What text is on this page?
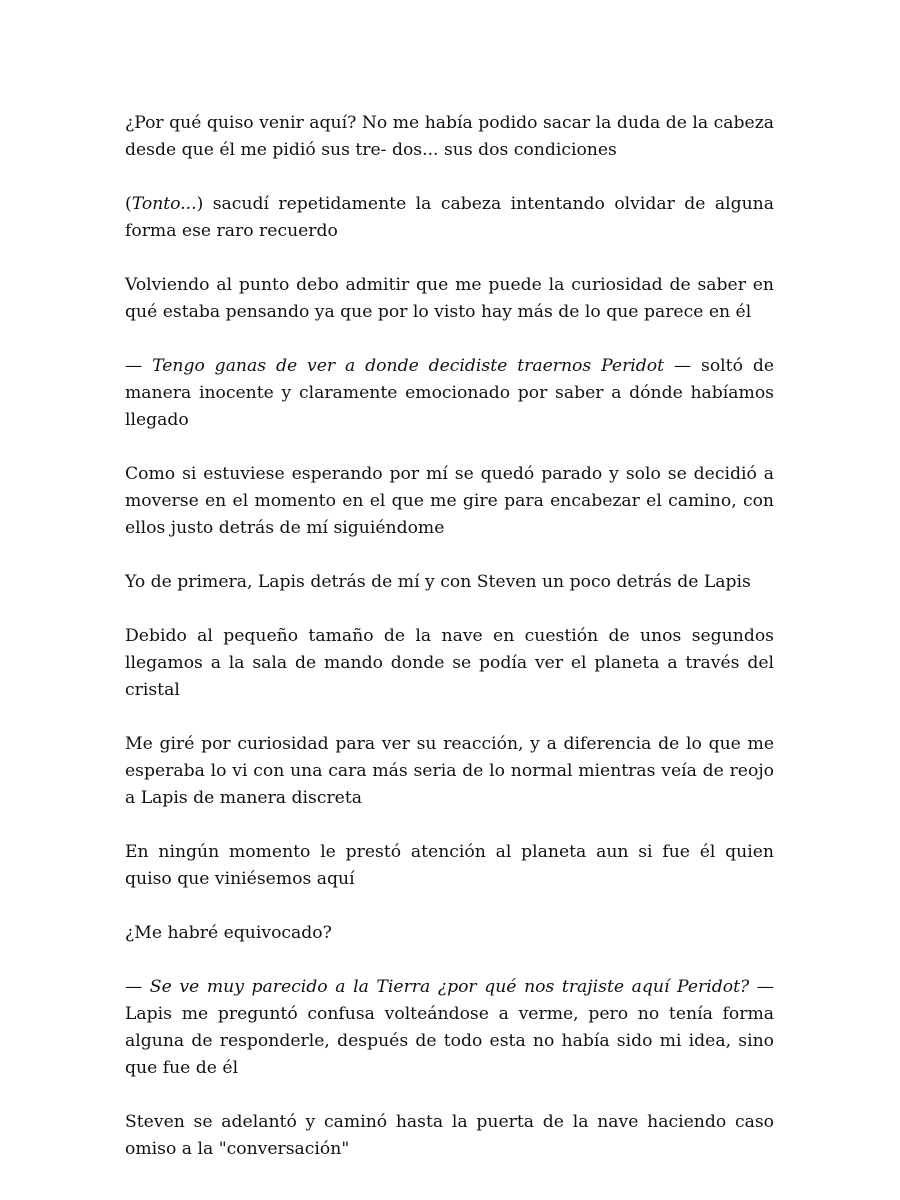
¿Por qué quiso venir aquí? No me había podido sacar la duda de la cabeza desde que él me pidió sus tre- dos... sus dos condiciones

(Tonto...) sacudí repetidamente la cabeza intentando olvidar de alguna forma ese raro recuerdo

Volviendo al punto debo admitir que me puede la curiosidad de saber en qué estaba pensando ya que por lo visto hay más de lo que parece en él

— Tengo ganas de ver a donde decidiste traernos Peridot — soltó de manera inocente y claramente emocionado por saber a dónde habíamos llegado

Como si estuviese esperando por mí se quedó parado y solo se decidió a moverse en el momento en el que me gire para encabezar el camino, con ellos justo detrás de mí siguiéndome

Yo de primera, Lapis detrás de mí y con Steven un poco detrás de Lapis

Debido al pequeño tamaño de la nave en cuestión de unos segundos llegamos a la sala de mando donde se podía ver el planeta a través del cristal

Me giré por curiosidad para ver su reacción, y a diferencia de lo que me esperaba lo vi con una cara más seria de lo normal mientras veía de reojo a Lapis de manera discreta

En ningún momento le prestó atención al planeta aun si fue él quien quiso que viniésemos aquí

¿Me habré equivocado?

— Se ve muy parecido a la Tierra ¿por qué nos trajiste aquí Peridot? — Lapis me preguntó confusa volteándose a verme, pero no tenía forma alguna de responderle, después de todo esta no había sido mi idea, sino que fue de él

Steven se adelantó y caminó hasta la puerta de la nave haciendo caso omiso a la "conversación"
